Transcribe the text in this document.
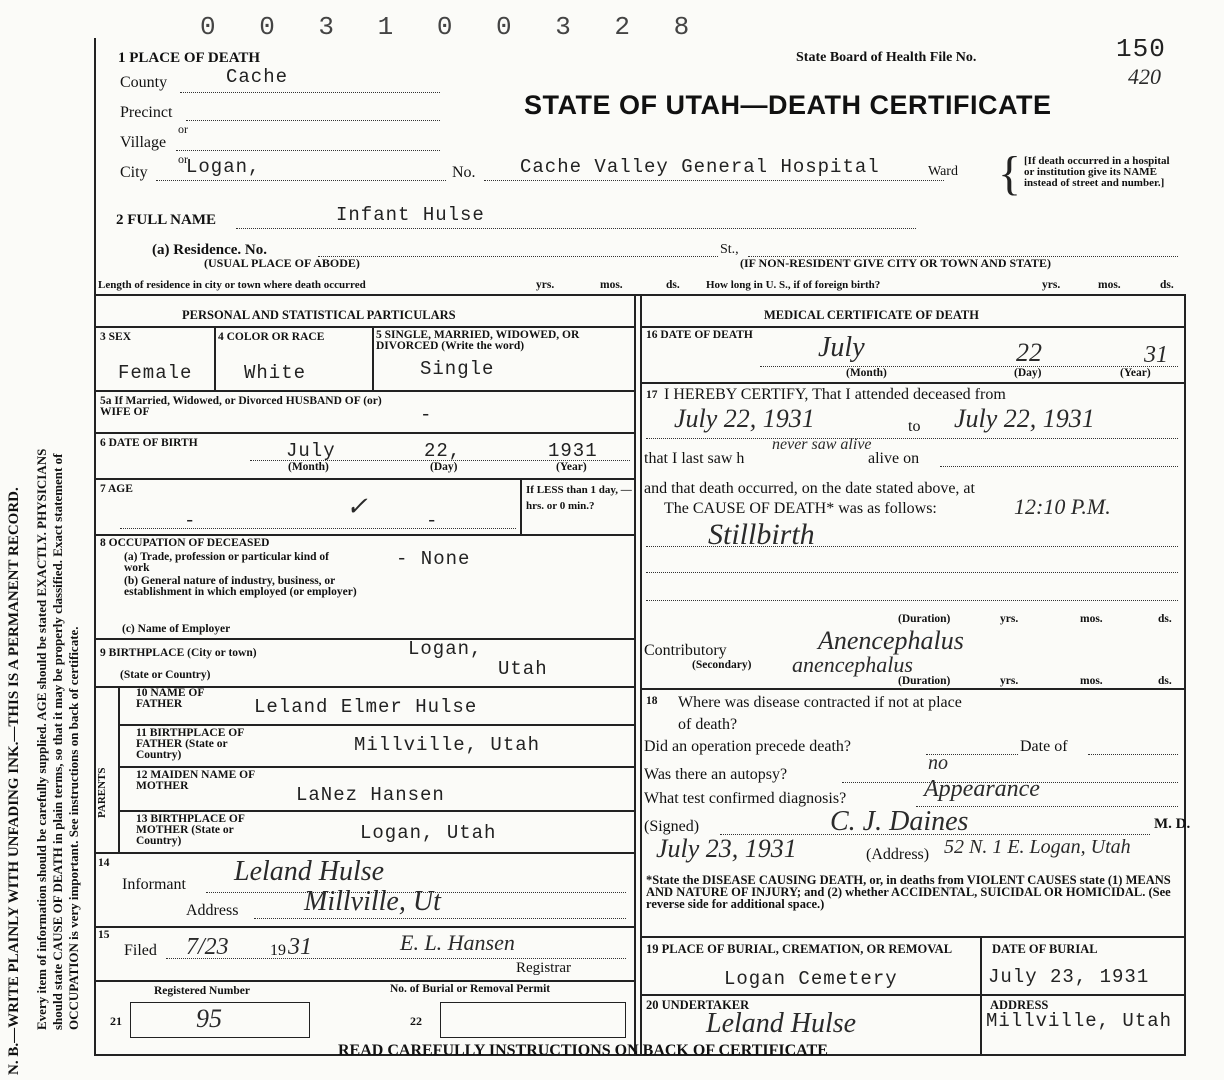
N. B.—WRITE PLAINLY WITH UNFADING INK.—THIS IS A PERMANENT RECORD. Every item of information should be carefully supplied. AGE should be stated EXACTLY. PHYSICIANS should state CAUSE OF DEATH in plain terms, so that it may be properly classified. Exact statement of OCCUPATION is very important. See instructions on back of certificate.
0 0 3 1 0 0 3 2 8
1 PLACE OF DEATH	State Board of Health File No.	150
420
STATE OF UTAH—DEATH CERTIFICATE
County	Cache
Precinct
or
Village
or
City Logan,	No. Cache Valley General Hospital	Ward { [If death occurred in a hospital or institution give its NAME instead of street and number.]
2 FULL NAME	Infant Hulse
(a) Residence. No.	St.,
(USUAL PLACE OF ABODE)	(IF NON-RESIDENT GIVE CITY OR TOWN AND STATE)
Length of residence in city or town where death occurred	yrs.	mos.	ds. How long in U. S., if of foreign birth?	yrs.	mos.	ds.
PERSONAL AND STATISTICAL PARTICULARS	MEDICAL CERTIFICATE OF DEATH
3 SEX
Female
4 COLOR OR RACE
White
5 SINGLE, MARRIED, WIDOWED, OR DIVORCED (Write the word)
Single
5a If Married, Widowed, or Divorced HUSBAND OF (or) WIFE OF	-
6 DATE OF BIRTH	July	22,	1931
(Month)	(Day)	(Year)
7 AGE	If LESS than 1 day, — hrs. or 0 min.?
✓
-	-
8 OCCUPATION OF DECEASED
(a) Trade, profession or particular kind of work
(b) General nature of industry, business, or establishment in which employed (or employer)
(c) Name of Employer
- None
9 BIRTHPLACE (City or town)	Logan,
Utah
(State or Country)
PARENTS
10 NAME OF FATHER	Leland Elmer Hulse
11 BIRTHPLACE OF FATHER (State or Country)	Millville, Utah
12 MAIDEN NAME OF MOTHER	LaNez Hansen
13 BIRTHPLACE OF MOTHER (State or Country)	Logan, Utah
14
Informant Leland Hulse
Address Millville, Ut
15
Filed 7/23	19 31	E. L. Hansen
Registrar
Registered Number	No. of Burial or Removal Permit
21	95	22
16 DATE OF DEATH July	22	31
(Month)	(Day)	(Year)
17 I HEREBY CERTIFY, That I attended deceased from
July 22, 1931	to July 22, 1931
that I last saw h
never saw alive
alive on
and that death occurred, on the date stated above, at
12:10 P.M.
The CAUSE OF DEATH* was as follows:
Stillbirth
(Duration)	yrs.	mos.	ds.
Contributory
(Secondary)
Anencephalus
anencephalus
(Duration)	yrs.	mos.	ds.
18 Where was disease contracted if not at place of death?
Did an operation precede death?	Date of
Was there an autopsy?
no
What test confirmed diagnosis?	Appearance
(Signed)	C. J. Daines	M. D.
July 23, 1931	(Address) 52 N. 1 E. Logan, Utah
*State the DISEASE CAUSING DEATH, or, in deaths from VIOLENT CAUSES state (1) MEANS AND NATURE OF INJURY; and (2) whether ACCIDENTAL, SUICIDAL OR HOMICIDAL. (See reverse side for additional space.)
19 PLACE OF BURIAL, CREMATION, OR REMOVAL
Logan Cemetery
DATE OF BURIAL
July 23, 1931
20 UNDERTAKER
Leland Hulse
ADDRESS
Millville, Utah
READ CAREFULLY INSTRUCTIONS ON BACK OF CERTIFICATE
